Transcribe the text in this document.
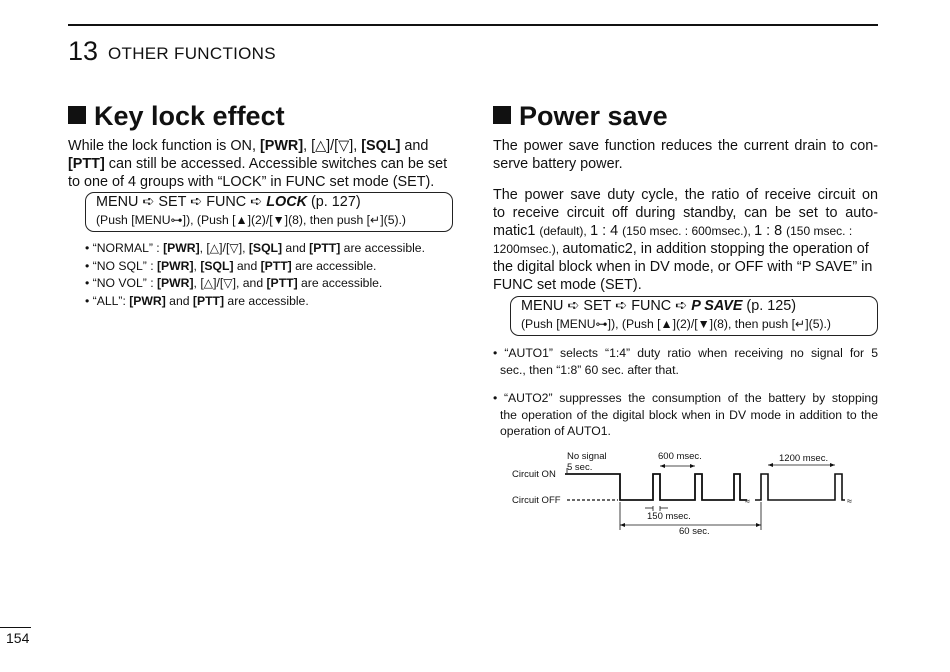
13 OTHER FUNCTIONS
Key lock effect
While the lock function is ON, [PWR], [△]/[▽], [SQL] and
[PTT] can still be accessed. Accessible switches can be set
to one of 4 groups with “LOCK” in FUNC set mode (SET).
MENU ➪ SET ➪ FUNC ➪ LOCK (p. 127)
(Push [MENU⊶]), (Push [▲](2)/[▼](8), then push [↵](5).)
• “NORMAL” : [PWR], [△]/[▽], [SQL] and [PTT] are accessible.
• “NO SQL” : [PWR], [SQL] and [PTT] are accessible.
• “NO VOL” : [PWR], [△]/[▽], and [PTT] are accessible.
• “ALL”: [PWR] and [PTT] are accessible.
Power save
The power save function reduces the current drain to con-
serve battery power.
The power save duty cycle, the ratio of receive circuit on
to receive circuit off during standby, can be set to auto-
matic1 (default), 1 : 4 (150 msec. : 600msec.), 1 : 8 (150 msec. :
1200msec.), automatic2, in addition stopping the operation of
the digital block when in DV mode, or OFF with “P SAVE” in
FUNC set mode (SET).
MENU ➪ SET ➪ FUNC ➪ P SAVE (p. 125)
(Push [MENU⊶]), (Push [▲](2)/[▼](8), then push [↵](5).)
• “AUTO1” selects “1:4” duty ratio when receiving no signal for 5
sec., then “1:8” 60 sec. after that.
• “AUTO2” suppresses the consumption of the battery by stopping
the operation of the digital block when in DV mode in addition to the
operation of AUTO1.
No signal
5 sec.
600 msec.	1200 msec.
Circuit ON
Circuit OFF
150 msec.
60 sec.
≈	≈
154
